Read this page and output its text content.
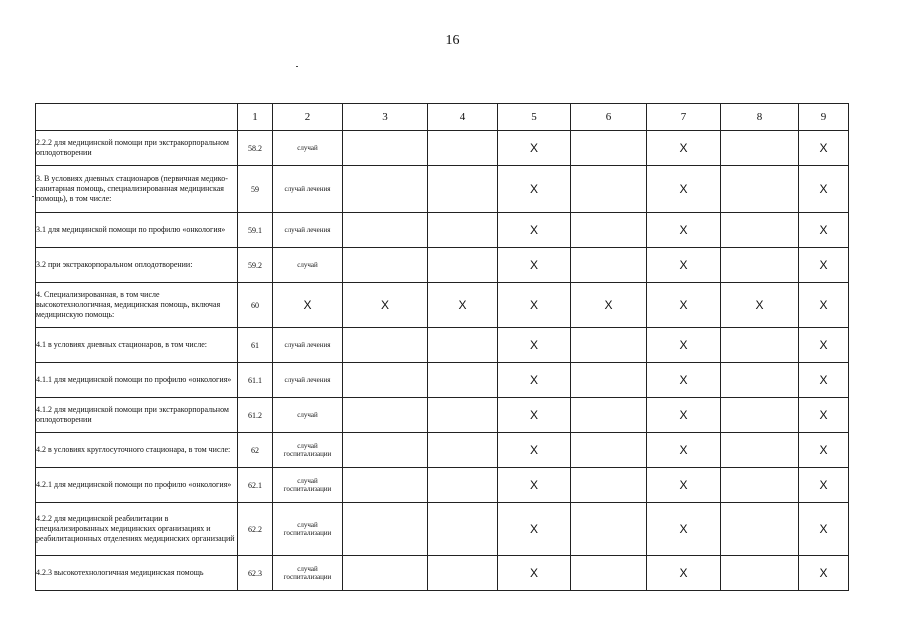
16
	1	2	3	4	5	6	7	8	9
2.2.2 для медицинской помощи при экстракорпоральном оплодотворении	58.2	случай			Х		Х		Х
3. В условиях дневных стационаров (первичная медико-санитарная помощь, специализированная медицинская помощь), в том числе:	59	случай лечения			Х		Х		Х
3.1 для медицинской помощи по профилю «онкология»	59.1	случай лечения			Х		Х		Х
3.2 при экстракорпоральном оплодотворении:	59.2	случай			Х		Х		Х
4. Специализированная, в том числе высокотехнологичная, медицинская помощь, включая медицинскую помощь:	60	Х	Х	Х	Х	Х	Х	Х	Х
4.1 в условиях дневных стационаров, в том числе:	61	случай лечения			Х		Х		Х
4.1.1 для медицинской помощи по профилю «онкология»	61.1	случай лечения			Х		Х		Х
4.1.2 для медицинской помощи при экстракорпоральном оплодотворении	61.2	случай			Х		Х		Х
4.2 в условиях круглосуточного стационара, в том числе:	62	случай госпитализации			Х		Х		Х
4.2.1 для медицинской помощи по профилю «онкология»	62.1	случай госпитализации			Х		Х		Х
4.2.2 для медицинской реабилитации в специализированных медицинских организациях и реабилитационных отделениях медицинских организаций	62.2	случай госпитализации			Х		Х		Х
4.2.3 высокотехнологичная медицинская помощь	62.3	случай госпитализации			Х		Х		Х
